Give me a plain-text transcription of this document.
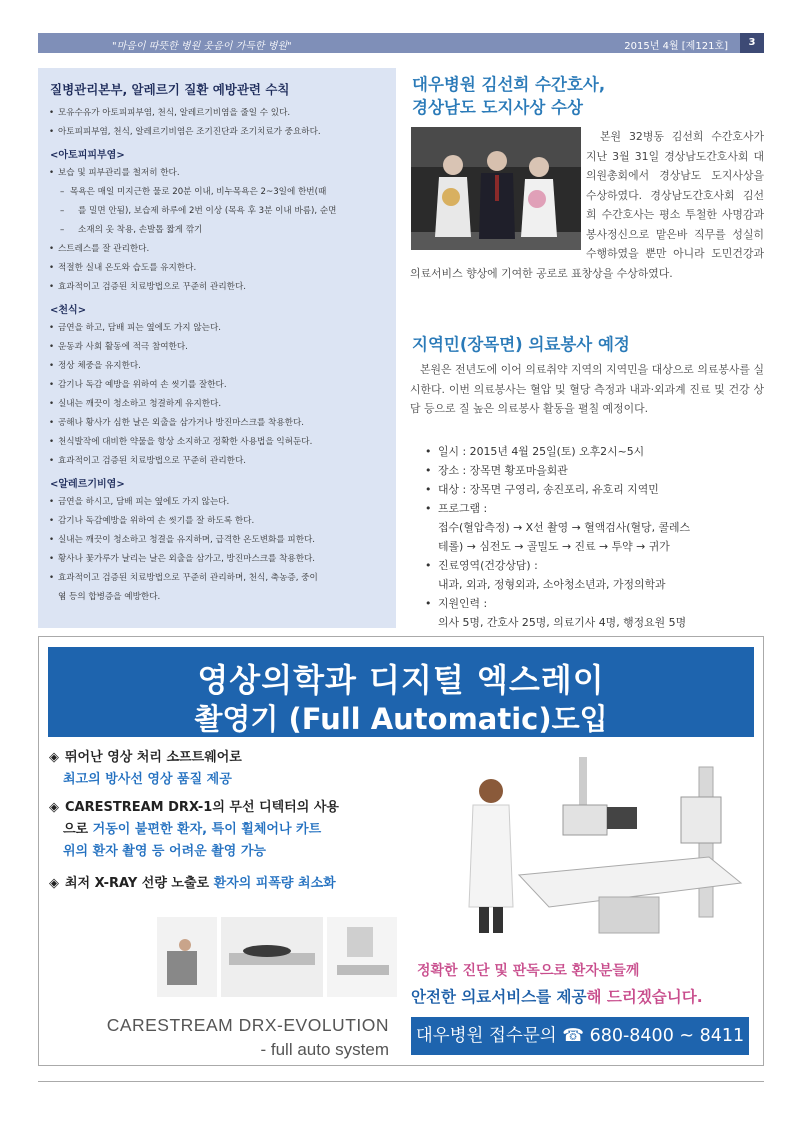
"마음이 따뜻한 병원 웃음이 가득한 병원"	2015년 4월 [제121호]	3
질병관리본부, 알레르기 질환 예방관련 수칙
• 모유수유가 아토피피부염, 천식, 알레르기비염을 줄일 수 있다.
• 아토피피부염, 천식, 알레르기비염은 조기진단과 조기치료가 중요하다.
<아토피피부염>
• 보습 및 피부관리를 철저히 한다.
– 목욕은 매일 미지근한 물로 20분 이내, 비누목욕은 2~3일에 한번(때
– 를 밀면 안됨), 보습제 하루에 2번 이상 (목욕 후 3분 이내 바름), 순면
– 소재의 옷 착용, 손발톱 짧게 깎기
• 스트레스를 잘 관리한다.
• 적절한 실내 온도와 습도를 유지한다.
• 효과적이고 검증된 치료방법으로 꾸준히 관리한다.
<천식>
• 금연을 하고, 담배 피는 옆에도 가지 않는다.
• 운동과 사회 활동에 적극 참여한다.
• 정상 체중을 유지한다.
• 감기나 독감 예방을 위하여 손 씻기를 잘한다.
• 실내는 깨끗이 청소하고 청결하게 유지한다.
• 공해나 황사가 심한 날은 외출을 삼가거나 방진마스크를 착용한다.
• 천식발작에 대비한 약물을 항상 소지하고 정확한 사용법을 익혀둔다.
• 효과적이고 검증된 치료방법으로 꾸준히 관리한다.
<알레르기비염>
• 금연을 하시고, 담배 피는 옆에도 가지 않는다.
• 감기나 독감예방을 위하여 손 씻기를 잘 하도록 한다.
• 실내는 깨끗이 청소하고 청결을 유지하며, 급격한 온도변화를 피한다.
• 황사나 꽃가루가 날리는 날은 외출을 삼가고, 방진마스크를 착용한다.
• 효과적이고 검증된 치료방법으로 꾸준히 관리하며, 천식, 축농증, 중이
– 염 등의 합병증을 예방한다.
대우병원 김선희 수간호사,
경상남도 도지사상 수상
본원 32병동 김선희 수간호사가 지난 3월 31일 경상남도간호사회 대의원총회에서 경상남도 도지사상을 수상하였다. 경상남도간호사회 김선희 수간호사는 평소 투철한 사명감과 봉사정신으로 맡은바 직무를 성실히 수행하였을 뿐만 아니라 도민건강과 의료서비스 향상에 기여한 공로로 표창상을 수상하였다.
지역민(장목면) 의료봉사 예정
본원은 전년도에 이어 의료취약 지역의 지역민을 대상으로 의료봉사를 실시한다. 이번 의료봉사는 혈압 및 혈당 측정과 내과·외과계 진료 및 건강 상담 등으로 질 높은 의료봉사 활동을 펼칠 예정이다.
• 일시 : 2015년 4월 25일(토) 오후2시~5시
• 장소 : 장목면 황포마을회관
• 대상 : 장목면 구영리, 송진포리, 유호리 지역민
• 프로그램 :
접수(혈압측정) → X선 촬영 → 혈액검사(혈당, 콜레스
테롤) → 심전도 → 골밀도 → 진료 → 투약 → 귀가
• 진료영역(건강상담) :
내과, 외과, 정형외과, 소아청소년과, 가정의학과
• 지원인력 :
의사 5명, 간호사 25명, 의료기사 4명, 행정요원 5명
영상의학과 디지털 엑스레이
촬영기 (Full Automatic)도입
◈ 뛰어난 영상 처리 소프트웨어로
최고의 방사선 영상 품질 제공
◈ CARESTREAM DRX-1의 무선 디텍터의 사용
으로 거동이 불편한 환자, 특이 휠체어나 카트
위의 환자 촬영 등 어려운 촬영 가능
◈ 최저 X-RAY 선량 노출로 환자의 피폭량 최소화
CARESTREAM DRX-EVOLUTION
- full auto system
정확한 진단 및 판독으로 환자분들께
안전한 의료서비스를 제공해 드리겠습니다.
대우병원 접수문의 ☎ 680-8400 ~ 8411
